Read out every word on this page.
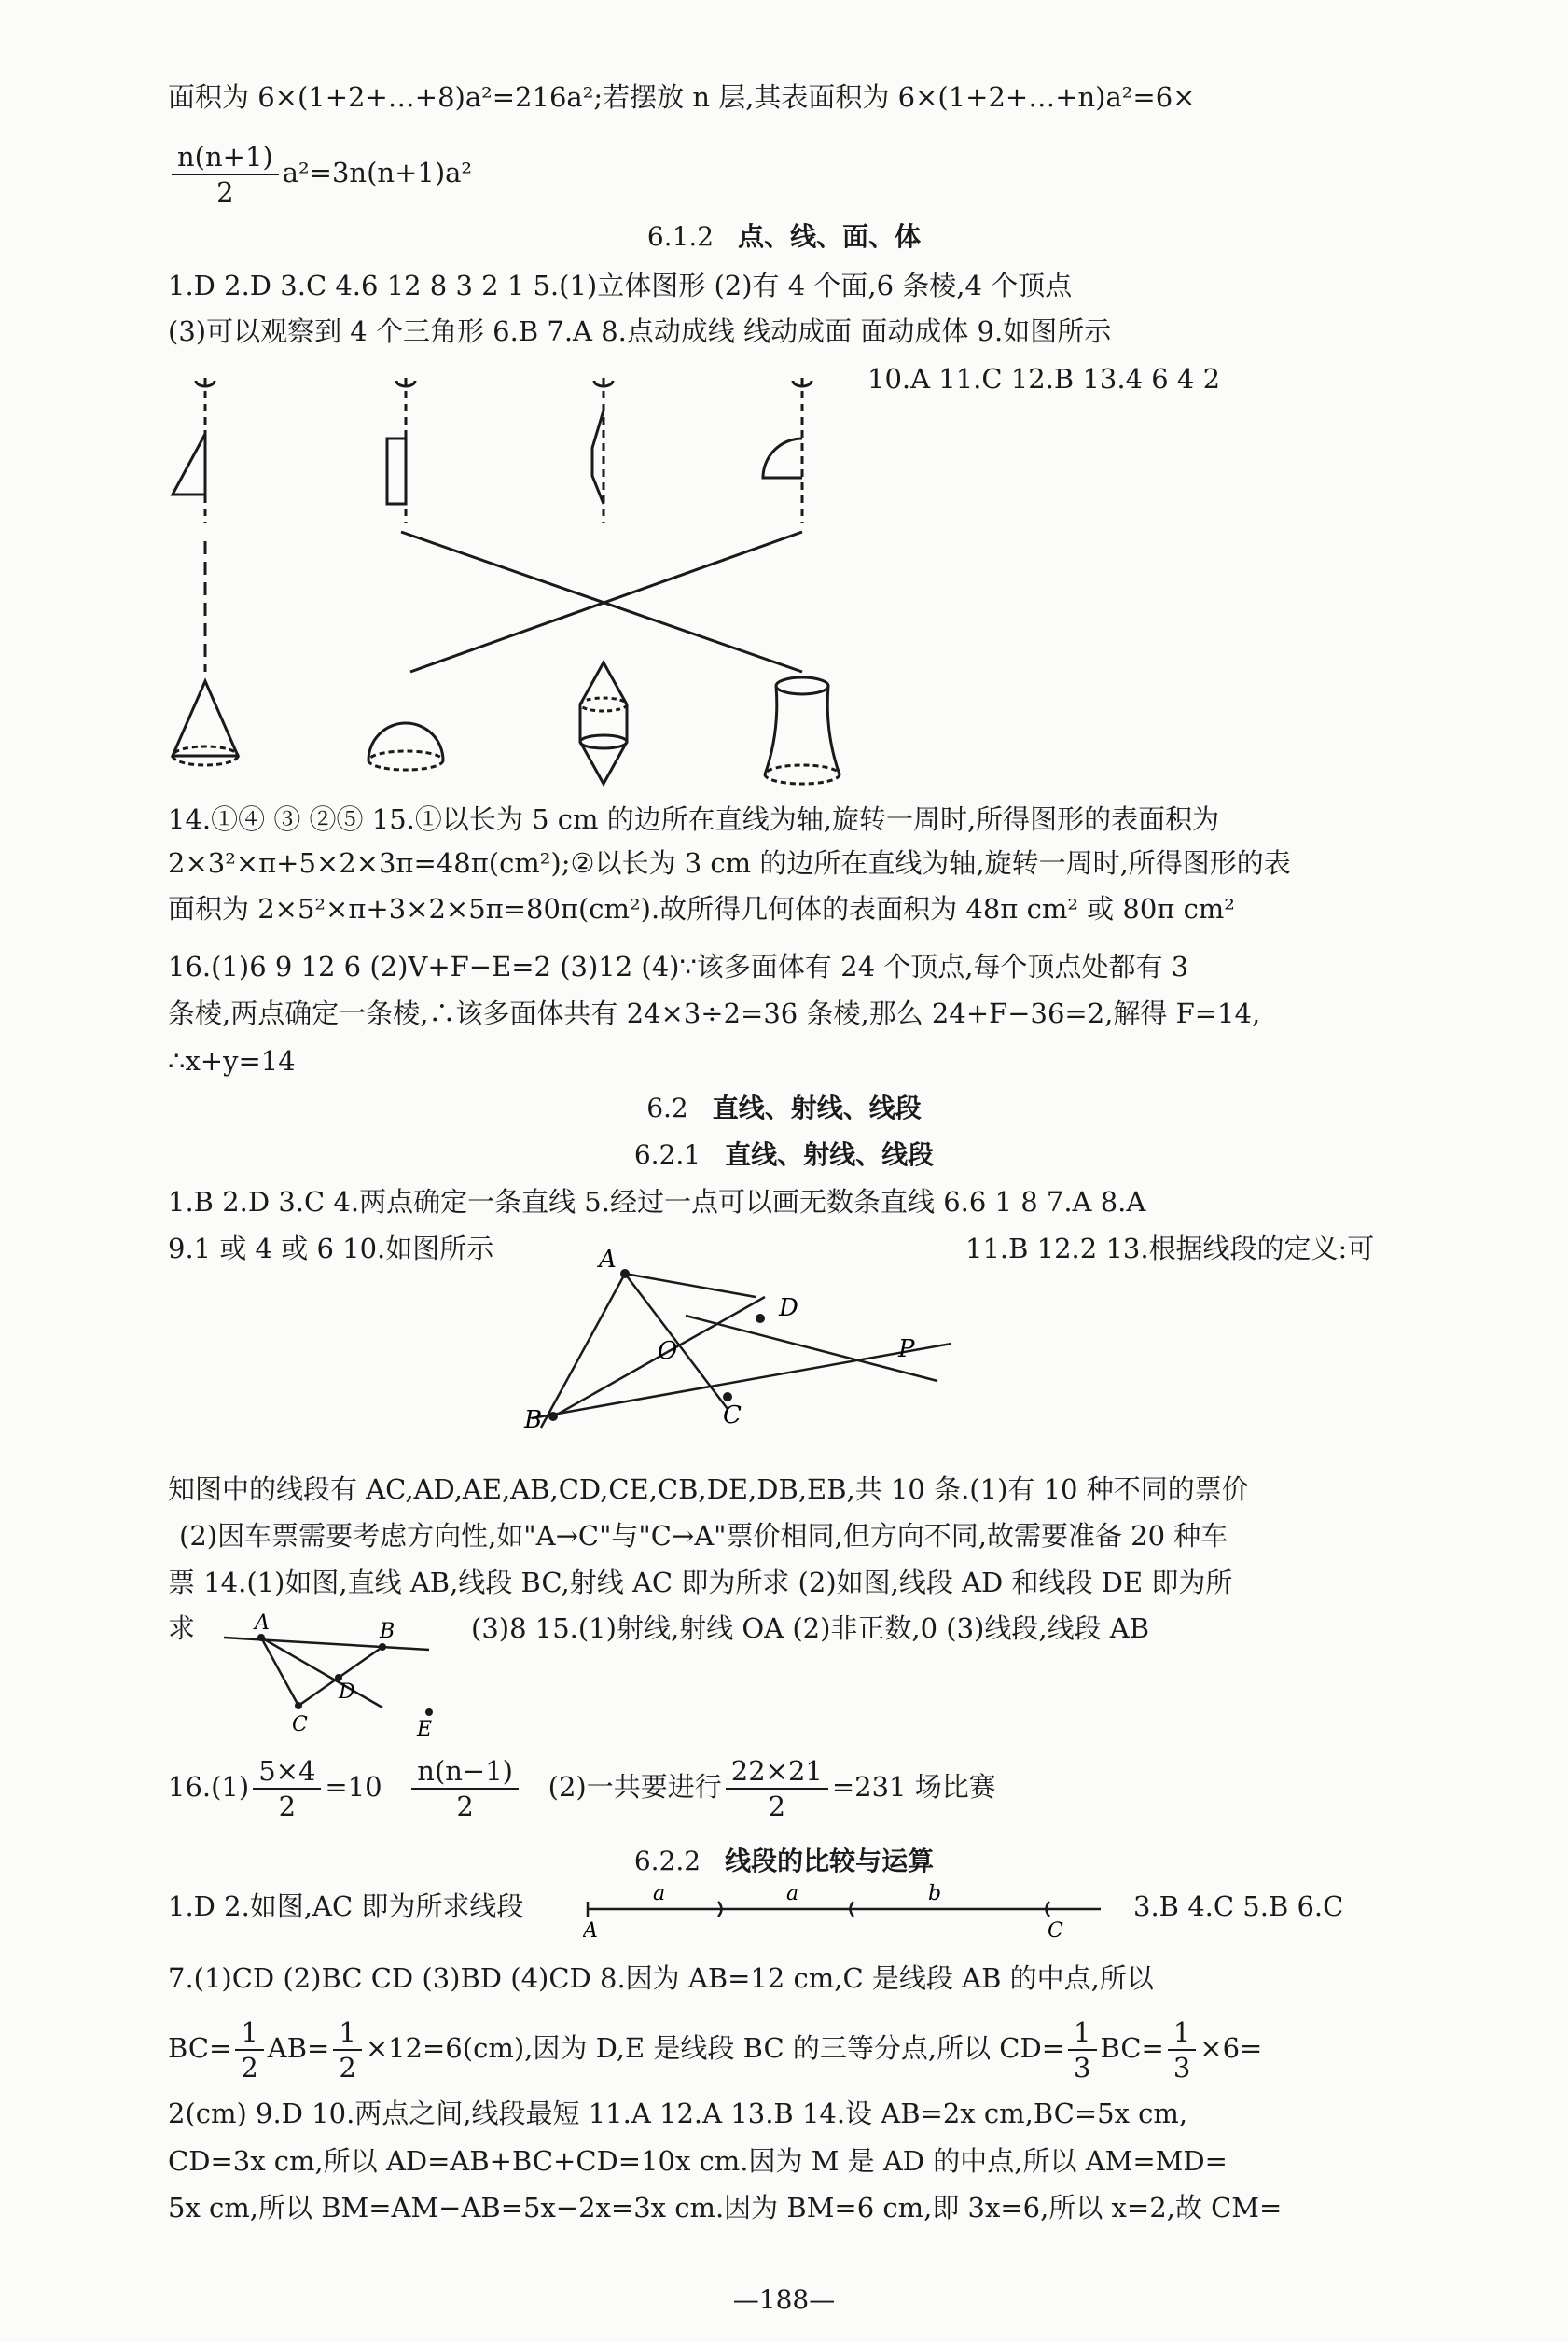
面积为 6×(1+2+…+8)a²=216a²;若摆放 n 层,其表面积为 6×(1+2+…+n)a²=6×
$\frac{n(n+1)}{2} a^2=3n(n+1)a^2$
6.1.2 点、线、面、体
1.D 2.D 3.C 4.6 12 8 3 2 1 5.(1)立体图形 (2)有 4 个面,6 条棱,4 个顶点
(3)可以观察到 4 个三角形 6.B 7.A 8.点动成线 线动成面 面动成体 9.如图所示
10.A 11.C 12.B 13.4 6 4 2
14.①④ ③ ②⑤ 15.①以长为 5 cm 的边所在直线为轴,旋转一周时,所得图形的表面积为
2×3²×π+5×2×3π=48π(cm²);②以长为 3 cm 的边所在直线为轴,旋转一周时,所得图形的表
面积为 2×5²×π+3×2×5π=80π(cm²).故所得几何体的表面积为 48π cm² 或 80π cm²
16.(1)6 9 12 6 (2)V+F−E=2 (3)12 (4)∵该多面体有 24 个顶点,每个顶点处都有 3
条棱,两点确定一条棱,∴该多面体共有 24×3÷2=36 条棱,那么 24+F−36=2,解得 F=14,
∴x+y=14
6.2 直线、射线、线段
6.2.1 直线、射线、线段
1.B 2.D 3.C 4.两点确定一条直线 5.经过一点可以画无数条直线 6.6 1 8 7.A 8.A
9.1 或 4 或 6 10.如图所示	11.B 12.2 13.根据线段的定义:可
A
D
O	P
B	C
知图中的线段有 AC,AD,AE,AB,CD,CE,CB,DE,DB,EB,共 10 条.(1)有 10 种不同的票价
(2)因车票需要考虑方向性,如"A→C"与"C→A"票价相同,但方向不同,故需要准备 20 种车
票 14.(1)如图,直线 AB,线段 BC,射线 AC 即为所求 (2)如图,线段 AD 和线段 DE 即为所
求	(3)8 15.(1)射线,射线 OA (2)非正数,0 (3)线段,线段 AB
A	B
D
C	E
$16.(1) \frac{5\times 4}{2} =10 \frac{n(n-1)}{2} (2)$一共要进行 $\frac{22\times 21}{2} =231$ 场比赛
6.2.2 线段的比较与运算
1.D 2.如图,AC 即为所求线段	a	a	b
A	C
3.B 4.C 5.B 6.C
7.(1)CD (2)BC CD (3)BD (4)CD 8.因为 AB=12 cm,C 是线段 AB 的中点,所以
$BC= \frac{1}{2} AB= \frac{1}{2} \times 12=6(cm)$,因为 D,E 是线段 BC 的三等分点,所以 $CD= \frac{1}{3} BC= \frac{1}{3} \times 6=$
2(cm) 9.D 10.两点之间,线段最短 11.A 12.A 13.B 14.设 AB=2x cm,BC=5x cm,
CD=3x cm,所以 AD=AB+BC+CD=10x cm.因为 M 是 AD 的中点,所以 AM=MD=
5x cm,所以 BM=AM−AB=5x−2x=3x cm.因为 BM=6 cm,即 3x=6,所以 x=2,故 CM=
—188—
